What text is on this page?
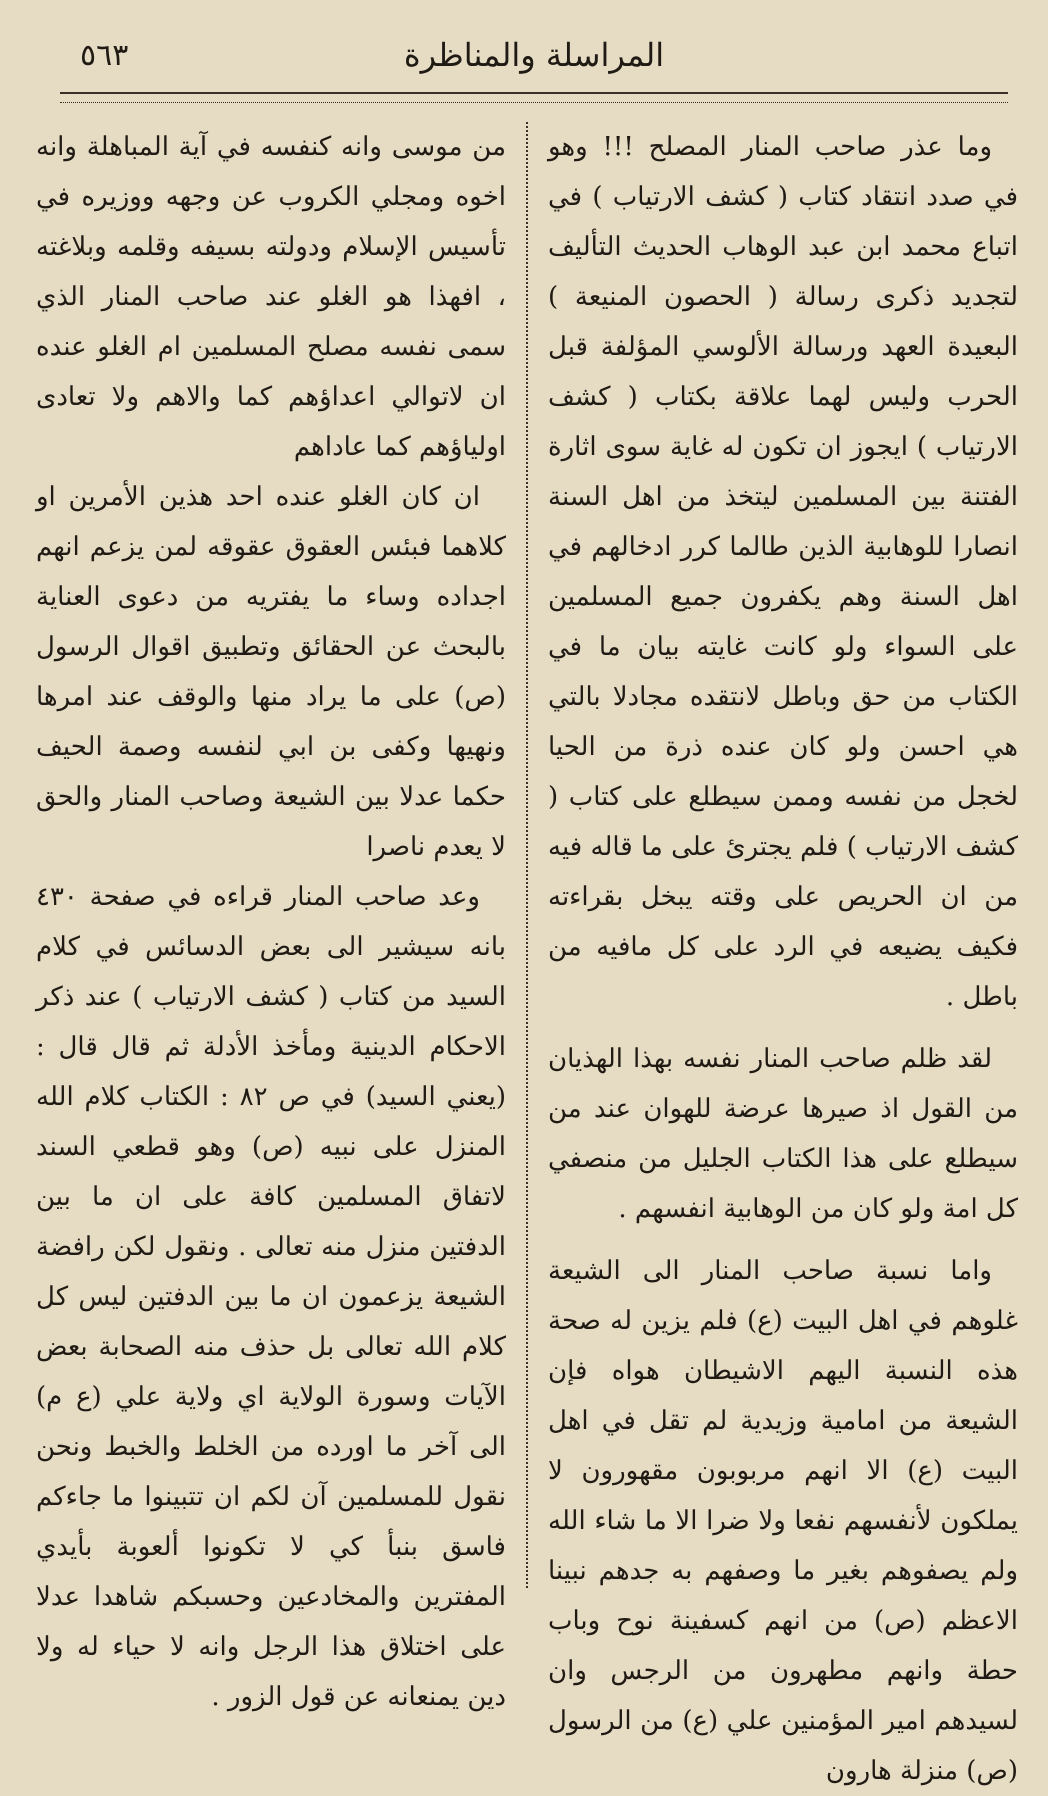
٥٦٣	المراسلة والمناظرة

وما عذر صاحب المنار المصلح !!! وهو في صدد انتقاد كتاب ( كشف الارتياب ) في اتباع محمد ابن عبد الوهاب الحديث التأليف لتجديد ذكرى رسالة ( الحصون المنيعة ) البعيدة العهد ورسالة الألوسي المؤلفة قبل الحرب وليس لهما علاقة بكتاب ( كشف الارتياب ) ايجوز ان تكون له غاية سوى اثارة الفتنة بين المسلمين ليتخذ من اهل السنة انصارا للوهابية الذين طالما كرر ادخالهم في اهل السنة وهم يكفرون جميع المسلمين على السواء ولو كانت غايته بيان ما في الكتاب من حق وباطل لانتقده مجادلا بالتي هي احسن ولو كان عنده ذرة من الحيا لخجل من نفسه وممن سيطلع على كتاب ( كشف الارتياب ) فلم يجترئ على ما قاله فيه من ان الحريص على وقته يبخل بقراءته فكيف يضيعه في الرد على كل مافيه من باطل .

لقد ظلم صاحب المنار نفسه بهذا الهذيان من القول اذ صيرها عرضة للهوان عند من سيطلع على هذا الكتاب الجليل من منصفي كل امة ولو كان من الوهابية انفسهم .

واما نسبة صاحب المنار الى الشيعة غلوهم في اهل البيت (ع) فلم يزين له صحة هذه النسبة اليهم الاشيطان هواه فإن الشيعة من امامية وزيدية لم تقل في اهل البيت (ع) الا انهم مربوبون مقهورون لا يملكون لأنفسهم نفعا ولا ضرا الا ما شاء الله ولم يصفوهم بغير ما وصفهم به جدهم نبينا الاعظم (ص) من انهم كسفينة نوح وباب حطة وانهم مطهرون من الرجس وان لسيدهم امير المؤمنين علي (ع) من الرسول (ص) منزلة هارون

من موسى وانه كنفسه في آية المباهلة وانه اخوه ومجلي الكروب عن وجهه ووزيره في تأسيس الإسلام ودولته بسيفه وقلمه وبلاغته ، افهذا هو الغلو عند صاحب المنار الذي سمى نفسه مصلح المسلمين ام الغلو عنده ان لاتوالي اعداؤهم كما والاهم ولا تعادى اولياؤهم كما عاداهم

ان كان الغلو عنده احد هذين الأمرين او كلاهما فبئس العقوق عقوقه لمن يزعم انهم اجداده وساء ما يفتريه من دعوى العناية بالبحث عن الحقائق وتطبيق اقوال الرسول (ص) على ما يراد منها والوقف عند امرها ونهيها وكفى بن ابي لنفسه وصمة الحيف حكما عدلا بين الشيعة وصاحب المنار والحق لا يعدم ناصرا

وعد صاحب المنار قراءه في صفحة ٤٣٠ بانه سيشير الى بعض الدسائس في كلام السيد من كتاب ( كشف الارتياب ) عند ذكر الاحكام الدينية ومأخذ الأدلة ثم قال قال : (يعني السيد) في ص ٨٢ : الكتاب كلام الله المنزل على نبيه (ص) وهو قطعي السند لاتفاق المسلمين كافة على ان ما بين الدفتين منزل منه تعالى . ونقول لكن رافضة الشيعة يزعمون ان ما بين الدفتين ليس كل كلام الله تعالى بل حذف منه الصحابة بعض الآيات وسورة الولاية اي ولاية علي (ع م) الى آخر ما اورده من الخلط والخبط ونحن نقول للمسلمين آن لكم ان تتبينوا ما جاءكم فاسق بنبأ كي لا تكونوا ألعوبة بأيدي المفترين والمخادعين وحسبكم شاهدا عدلا على اختلاق هذا الرجل وانه لا حياء له ولا دين يمنعانه عن قول الزور .
